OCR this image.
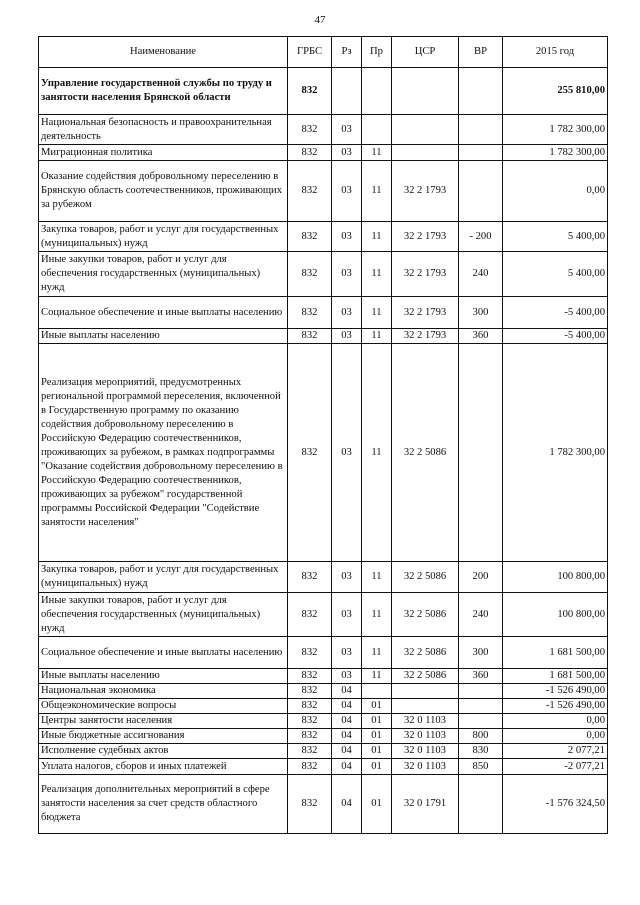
47
Наименование	ГРБС	Рз	Пр	ЦСР	ВР	2015 год
Управление государственной службы по труду и занятости населения Брянской области	832					255 810,00
Национальная безопасность и правоохранительная деятельность	832	03				1 782 300,00
Миграционная политика	832	03	11			1 782 300,00
Оказание содействия добровольному переселению в Брянскую область соотечественников, проживающих за рубежом	832	03	11	32 2 1793		0,00
Закупка товаров, работ и услуг для государственных (муниципальных) нужд	832	03	11	32 2 1793	- 200	5 400,00
Иные закупки товаров, работ и услуг для обеспечения государственных (муниципальных) нужд	832	03	11	32 2 1793	240	5 400,00
Социальное обеспечение и иные выплаты населению	832	03	11	32 2 1793	300	-5 400,00
Иные выплаты населению	832	03	11	32 2 1793	360	-5 400,00
Реализация мероприятий, предусмотренных региональной программой переселения, включенной в Государственную программу по оказанию содействия добровольному переселению в Российскую Федерацию соотечественников, проживающих за рубежом, в рамках подпрограммы "Оказание содействия добровольному переселению в Российскую Федерацию соотечественников, проживающих за рубежом" государственной программы Российской Федерации "Содействие занятости населения"	832	03	11	32 2 5086		1 782 300,00
Закупка товаров, работ и услуг для государственных (муниципальных) нужд	832	03	11	32 2 5086	200	100 800,00
Иные закупки товаров, работ и услуг для обеспечения государственных (муниципальных) нужд	832	03	11	32 2 5086	240	100 800,00
Социальное обеспечение и иные выплаты населению	832	03	11	32 2 5086	300	1 681 500,00
Иные выплаты населению	832	03	11	32 2 5086	360	1 681 500,00
Национальная экономика	832	04				-1 526 490,00
Общеэкономические вопросы	832	04	01			-1 526 490,00
Центры занятости населения	832	04	01	32 0 1103		0,00
Иные бюджетные ассигнования	832	04	01	32 0 1103	800	0,00
Исполнение судебных актов	832	04	01	32 0 1103	830	2 077,21
Уплата налогов, сборов и иных платежей	832	04	01	32 0 1103	850	-2 077,21
Реализация дополнительных мероприятий в сфере занятости населения за счет средств областного бюджета	832	04	01	32 0 1791		-1 576 324,50
